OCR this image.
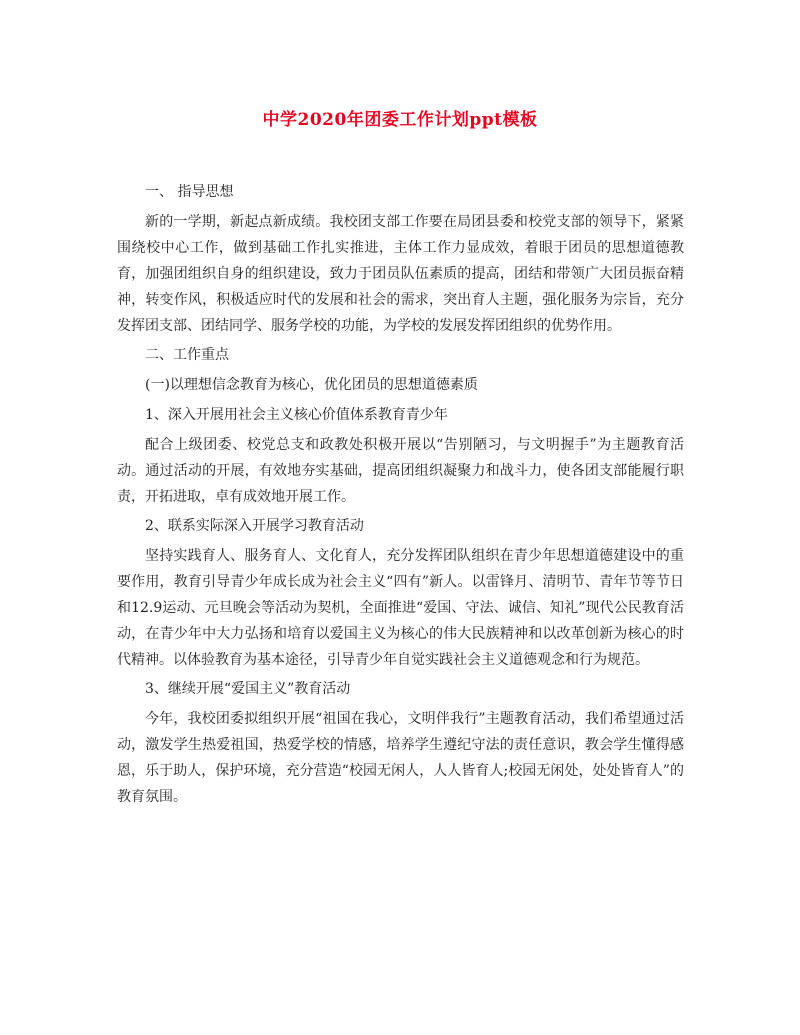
中学2020年团委工作计划ppt模板

一、 指导思想

新的一学期，新起点新成绩。我校团支部工作要在局团县委和校党支部的领导下，紧紧围绕校中心工作，做到基础工作扎实推进，主体工作力显成效，着眼于团员的思想道德教育，加强团组织自身的组织建设，致力于团员队伍素质的提高，团结和带领广大团员振奋精神，转变作风，积极适应时代的发展和社会的需求，突出育人主题，强化服务为宗旨，充分发挥团支部、团结同学、服务学校的功能，为学校的发展发挥团组织的优势作用。

二、工作重点

(一)以理想信念教育为核心，优化团员的思想道德素质

1、深入开展用社会主义核心价值体系教育青少年

配合上级团委、校党总支和政教处积极开展以“告别陋习，与文明握手”为主题教育活动。通过活动的开展，有效地夯实基础，提高团组织凝聚力和战斗力，使各团支部能履行职责，开拓进取，卓有成效地开展工作。

2、联系实际深入开展学习教育活动

坚持实践育人、服务育人、文化育人，充分发挥团队组织在青少年思想道德建设中的重要作用，教育引导青少年成长成为社会主义“四有”新人。以雷锋月、清明节、青年节等节日和12.9运动、元旦晚会等活动为契机，全面推进“爱国、守法、诚信、知礼”现代公民教育活动，在青少年中大力弘扬和培育以爱国主义为核心的伟大民族精神和以改革创新为核心的时代精神。以体验教育为基本途径，引导青少年自觉实践社会主义道德观念和行为规范。

3、继续开展“爱国主义”教育活动

今年，我校团委拟组织开展“祖国在我心，文明伴我行”主题教育活动，我们希望通过活动，激发学生热爱祖国，热爱学校的情感，培养学生遵纪守法的责任意识，教会学生懂得感恩，乐于助人，保护环境，充分营造“校园无闲人，人人皆育人;校园无闲处，处处皆育人”的教育氛围。
